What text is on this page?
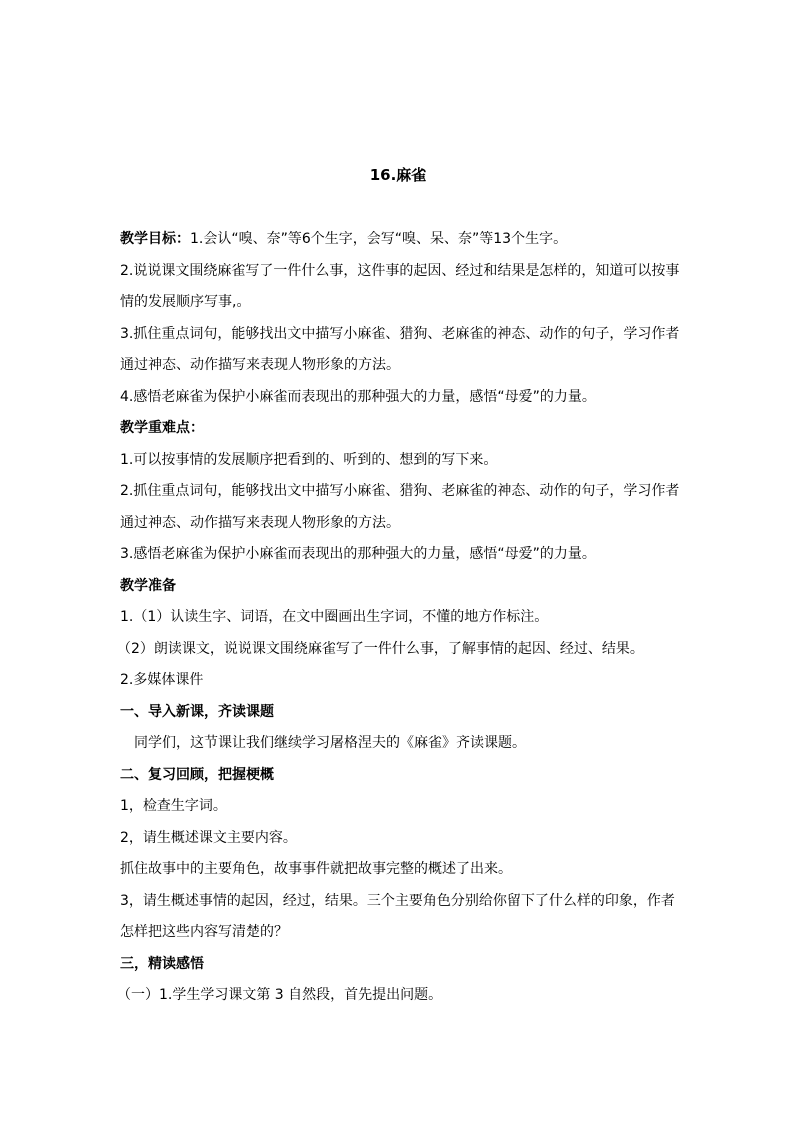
16.麻雀

教学目标：1.会认“嗅、奈”等6个生字，会写“嗅、呆、奈”等13个生字。

2.说说课文围绕麻雀写了一件什么事，这件事的起因、经过和结果是怎样的，知道可以按事

情的发展顺序写事,。

3.抓住重点词句，能够找出文中描写小麻雀、猎狗、老麻雀的神态、动作的句子，学习作者

通过神态、动作描写来表现人物形象的方法。

4.感悟老麻雀为保护小麻雀而表现出的那种强大的力量，感悟“母爱”的力量。

教学重难点：

1.可以按事情的发展顺序把看到的、听到的、想到的写下来。

2.抓住重点词句，能够找出文中描写小麻雀、猎狗、老麻雀的神态、动作的句子，学习作者

通过神态、动作描写来表现人物形象的方法。

3.感悟老麻雀为保护小麻雀而表现出的那种强大的力量，感悟“母爱”的力量。

教学准备

1.（1）认读生字、词语，在文中圈画出生字词，不懂的地方作标注。

（2）朗读课文，说说课文围绕麻雀写了一件什么事，了解事情的起因、经过、结果。

2.多媒体课件

一、导入新课，齐读课题

同学们，这节课让我们继续学习屠格涅夫的《麻雀》齐读课题。

二、复习回顾，把握梗概

1，检查生字词。

2，请生概述课文主要内容。

抓住故事中的主要角色，故事事件就把故事完整的概述了出来。

3，请生概述事情的起因，经过，结果。三个主要角色分别给你留下了什么样的印象，作者

怎样把这些内容写清楚的？

三，精读感悟

（一）1.学生学习课文第 3 自然段，首先提出问题。
